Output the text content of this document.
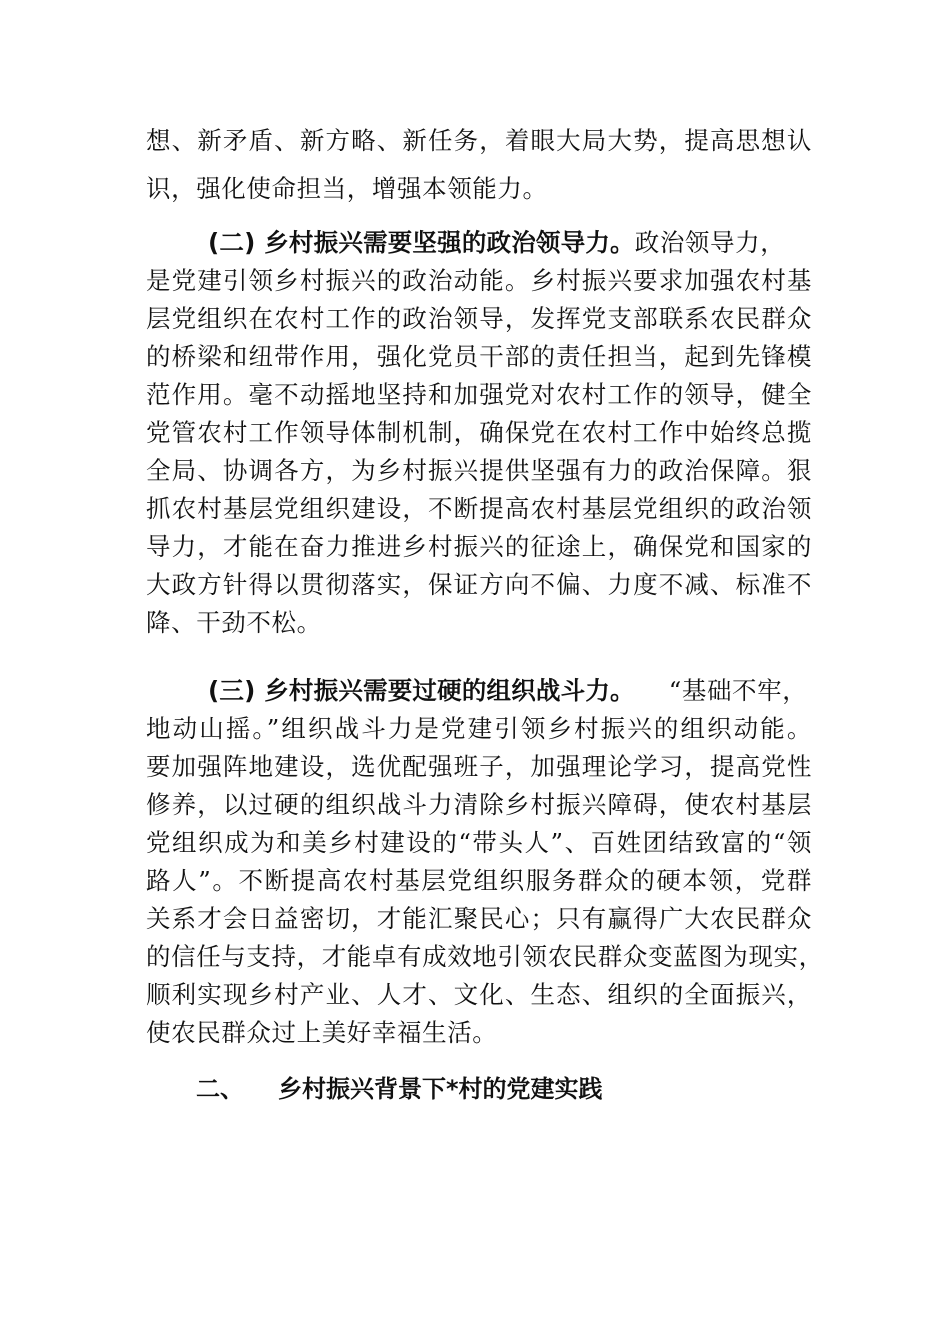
想、新矛盾、新方略、新任务，着眼大局大势，提高思想认
识，强化使命担当，增强本领能力。
(二) 乡村振兴需要坚强的政治领导力。政治领导力，
是党建引领乡村振兴的政治动能。乡村振兴要求加强农村基
层党组织在农村工作的政治领导，发挥党支部联系农民群众
的桥梁和纽带作用，强化党员干部的责任担当，起到先锋模
范作用。毫不动摇地坚持和加强党对农村工作的领导，健全
党管农村工作领导体制机制，确保党在农村工作中始终总揽
全局、协调各方，为乡村振兴提供坚强有力的政治保障。狠
抓农村基层党组织建设，不断提高农村基层党组织的政治领
导力，才能在奋力推进乡村振兴的征途上，确保党和国家的
大政方针得以贯彻落实，保证方向不偏、力度不减、标准不
降、干劲不松。
(三) 乡村振兴需要过硬的组织战斗力。 “基础不牢，
地动山摇。”组织战斗力是党建引领乡村振兴的组织动能。
要加强阵地建设，选优配强班子，加强理论学习，提高党性
修养，以过硬的组织战斗力清除乡村振兴障碍，使农村基层
党组织成为和美乡村建设的“带头人”、百姓团结致富的“领
路人”。不断提高农村基层党组织服务群众的硬本领，党群
关系才会日益密切，才能汇聚民心；只有赢得广大农民群众
的信任与支持，才能卓有成效地引领农民群众变蓝图为现实，
顺利实现乡村产业、人才、文化、生态、组织的全面振兴，
使农民群众过上美好幸福生活。
二、 乡村振兴背景下*村的党建实践
